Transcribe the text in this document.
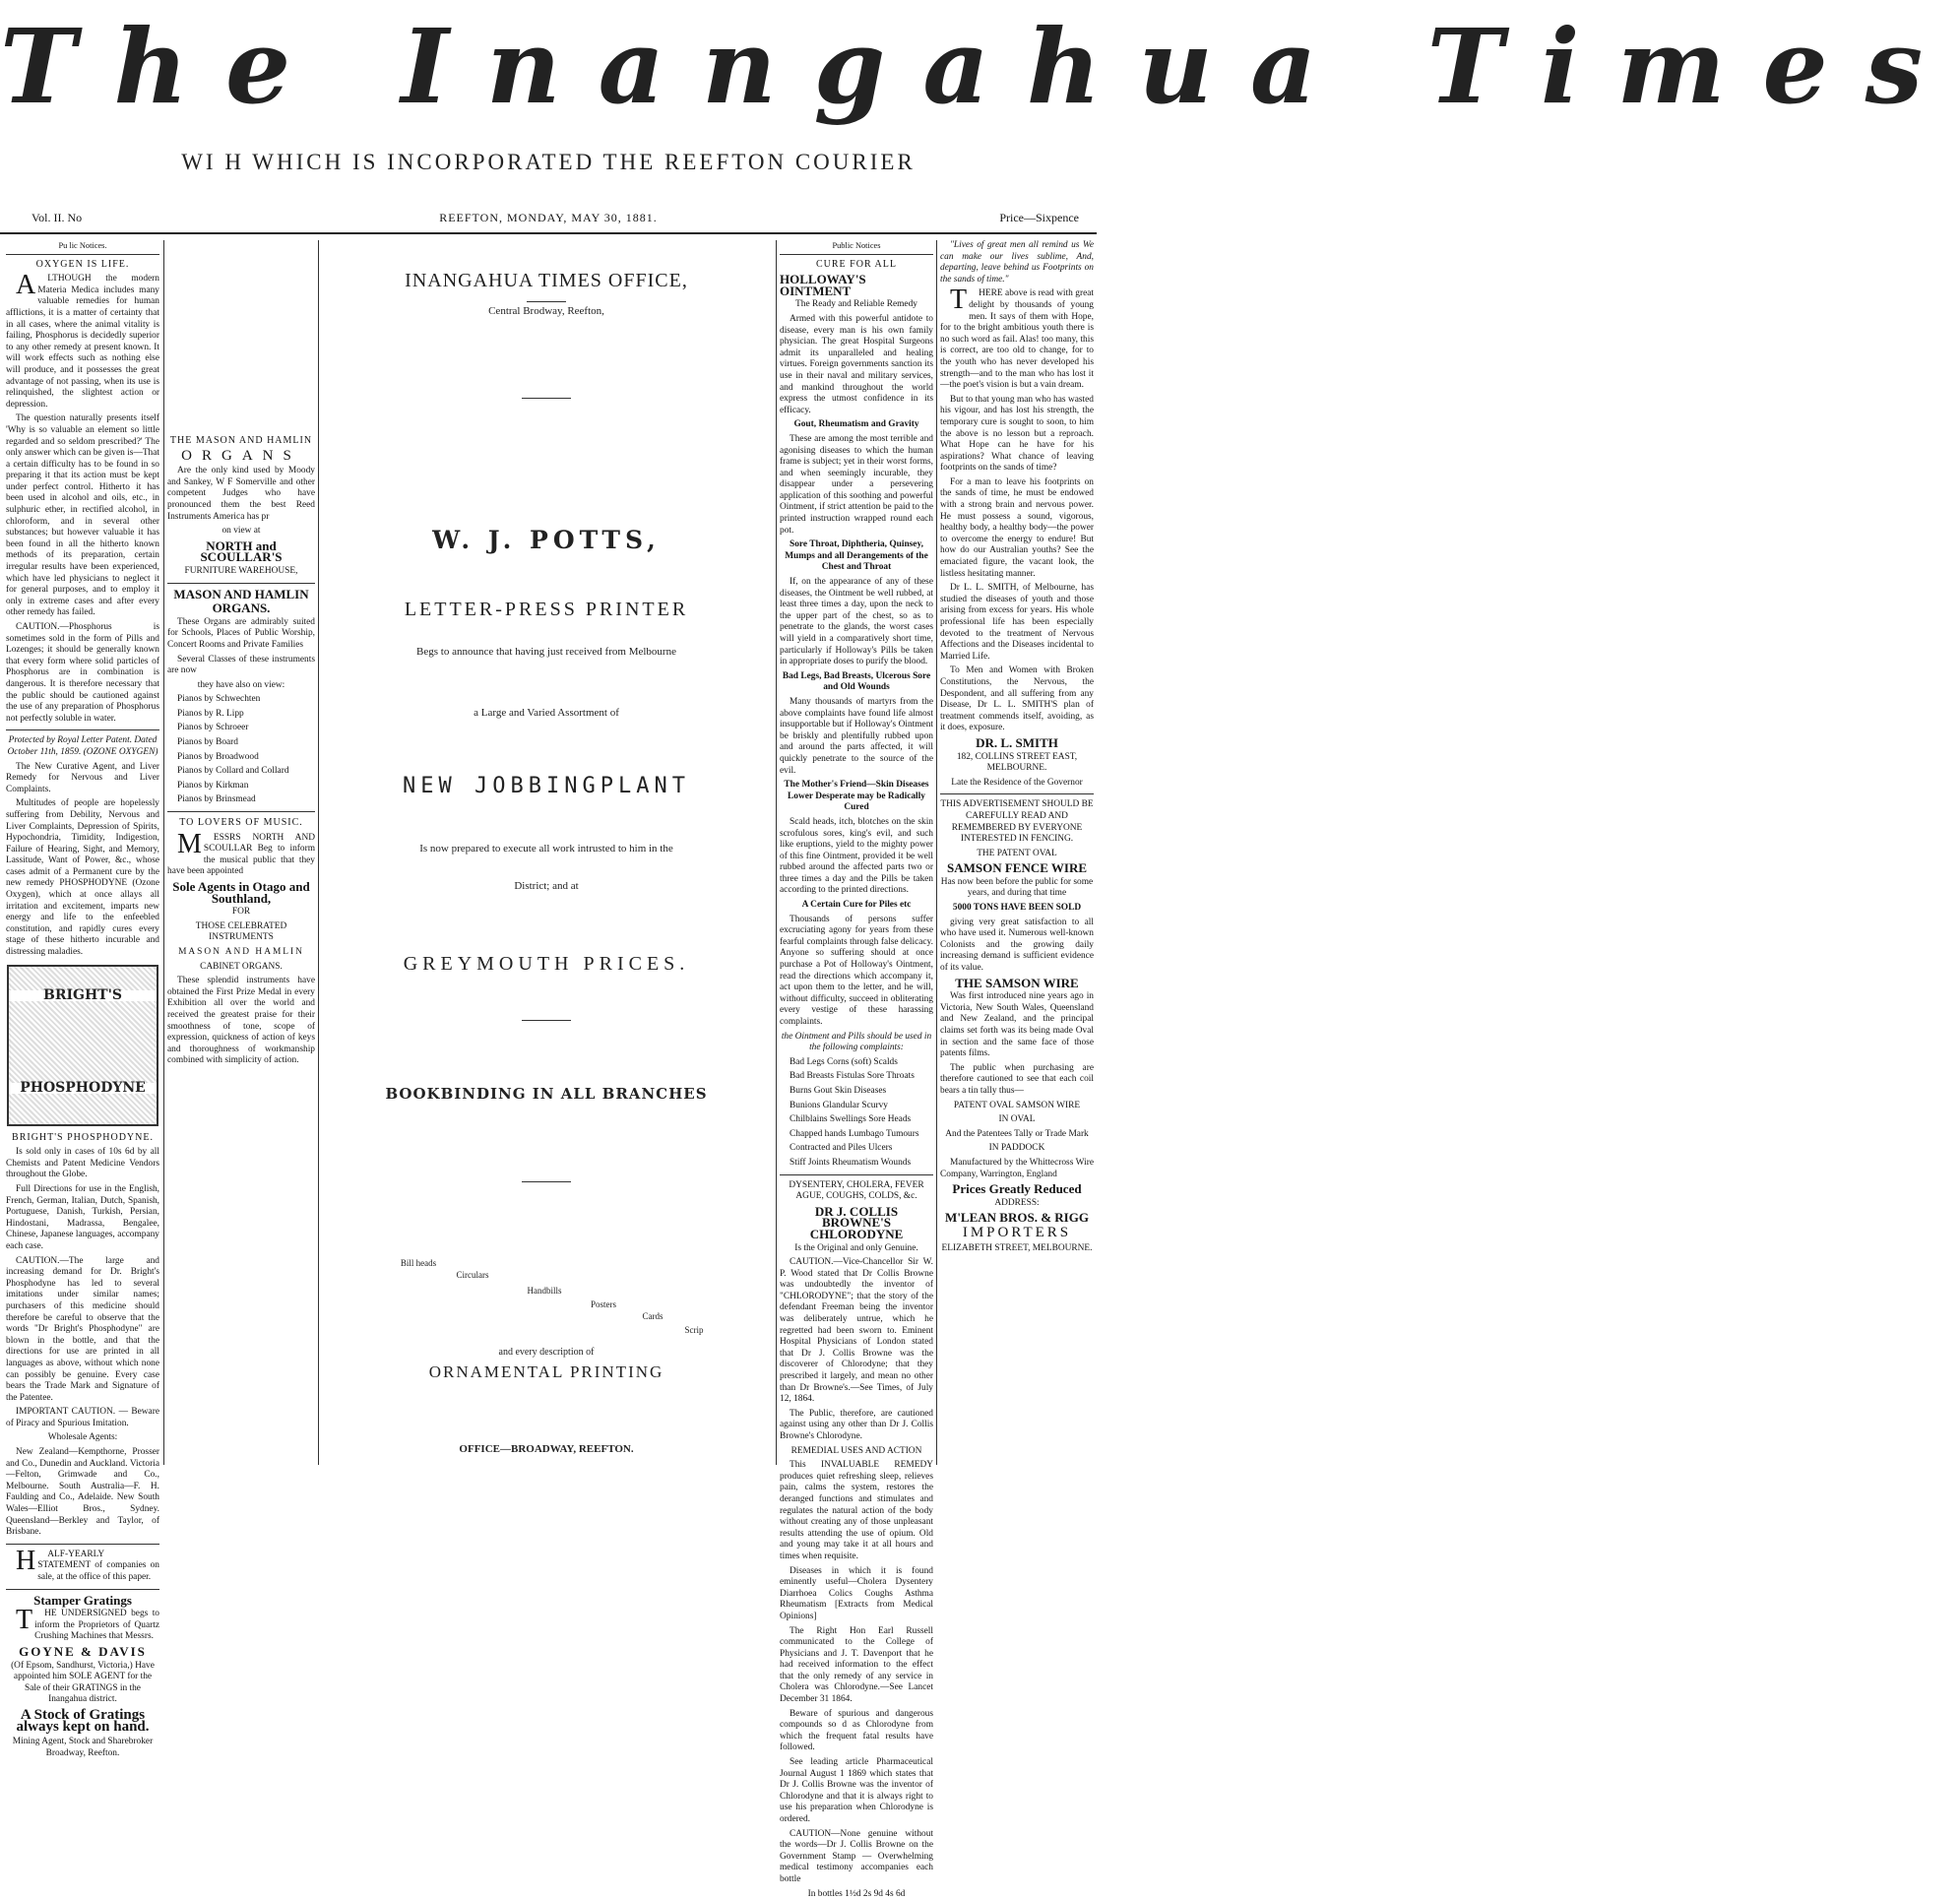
The Inangahua Times
WI H WHICH IS INCORPORATED THE REEFTON COURIER
Vol. II. No	REEFTON, MONDAY, MAY 30, 1881.	Price—Sixpence
Pu lic Notices.
OXYGEN IS LIFE.

ALTHOUGH the modern Materia Medica includes many valuable remedies for human afflictions, it is a matter of certainty that in all cases, where the animal vitality is failing, Phosphorus is decidedly superior to any other remedy at present known. It will work effects such as nothing else will produce, and it possesses the great advantage of not passing, when its use is relinquished, the slightest action or depression.

The question naturally presents itself 'Why is so valuable an element so little regarded and so seldom prescribed?' The only answer which can be given is—That a certain difficulty has to be found in so preparing it that its action must be kept under perfect control. Hitherto it has been used in alcohol and oils, etc., in sulphuric ether, in rectified alcohol, in chloroform, and in several other substances; but however valuable it has been found in all the hitherto known methods of its preparation, certain irregular results have been experienced, which have led physicians to neglect it for general purposes, and to employ it only in extreme cases and after every other remedy has failed.

CAUTION.—Phosphorus is sometimes sold in the form of Pills and Lozenges; it should be generally known that every form where solid particles of Phosphorus are in combination is dangerous. It is therefore necessary that the public should be cautioned against the use of any preparation of Phosphorus not perfectly soluble in water.

Protected by Royal Letter Patent. Dated October 11th, 1859. (OZONE OXYGEN)

The New Curative Agent, and Liver Remedy for Nervous and Liver Complaints.

Multitudes of people are hopelessly suffering from Debility, Nervous and Liver Complaints, Depression of Spirits, Hypochondria, Timidity, Indigestion, Failure of Hearing, Sight, and Memory, Lassitude, Want of Power, &c., whose cases admit of a Permanent cure by the new remedy PHOSPHODYNE (Ozone Oxygen), which at once allays all irritation and excitement, imparts new energy and life to the enfeebled constitution, and rapidly cures every stage of these hitherto incurable and distressing maladies.

BRIGHT'S
PHOSPHODYNE
BRIGHT'S PHOSPHODYNE.

Is sold only in cases of 10s 6d by all Chemists and Patent Medicine Vendors throughout the Globe.

Full Directions for use in the English, French, German, Italian, Dutch, Spanish, Portuguese, Danish, Turkish, Persian, Hindostani, Madrassa, Bengalee, Chinese, Japanese languages, accompany each case.

CAUTION.—The large and increasing demand for Dr. Bright's Phosphodyne has led to several imitations under similar names; purchasers of this medicine should therefore be careful to observe that the words "Dr Bright's Phosphodyne" are blown in the bottle, and that the directions for use are printed in all languages as above, without which none can possibly be genuine. Every case bears the Trade Mark and Signature of the Patentee.

IMPORTANT CAUTION. — Beware of Piracy and Spurious Imitation.

Wholesale Agents:

New Zealand—Kempthorne, Prosser and Co., Dunedin and Auckland. Victoria—Felton, Grimwade and Co., Melbourne. South Australia—F. H. Faulding and Co., Adelaide. New South Wales—Elliot Bros., Sydney. Queensland—Berkley and Taylor, of Brisbane.

HALF-YEARLY STATEMENT of companies on sale, at the office of this paper.

Stamper Gratings

THE UNDERSIGNED begs to inform the Proprietors of Quartz Crushing Machines that Messrs.

GOYNE & DAVIS

(Of Epsom, Sandhurst, Victoria,) Have appointed him SOLE AGENT for the Sale of their GRATINGS in the Inangahua district.

A Stock of Gratings always kept on hand.

Mining Agent, Stock and Sharebroker Broadway, Reefton.

THE MASON AND HAMLIN
ORGANS

Are the only kind used by Moody and Sankey, W F Somerville and other competent Judges who have pronounced them the best Reed Instruments America has pr

on view at

NORTH and SCOULLAR'S

FURNITURE WAREHOUSE,

MASON AND HAMLIN
ORGANS.

These Organs are admirably suited for Schools, Places of Public Worship, Concert Rooms and Private Families

Several Classes of these instruments are now

they have also on view:

Pianos by Schwechten

Pianos by R. Lipp

Pianos by Schroeer

Pianos by Board

Pianos by Broadwood

Pianos by Collard and Collard

Pianos by Kirkman

Pianos by Brinsmead

TO LOVERS OF MUSIC.

MESSRS NORTH AND SCOULLAR Beg to inform the musical public that they have been appointed

Sole Agents in Otago and Southland,

FOR

THOSE CELEBRATED INSTRUMENTS

MASON AND HAMLIN

CABINET ORGANS.

These splendid instruments have obtained the First Prize Medal in every Exhibition all over the world and received the greatest praise for their smoothness of tone, scope of expression, quickness of action of keys and thoroughness of workmanship combined with simplicity of action.

INANGAHUA TIMES OFFICE,
Central Brodway, Reefton,
W. J. POTTS,
LETTER-PRESS PRINTER
Begs to announce that having just received from Melbourne
a Large and Varied Assortment of
NEW JOBBINGPLANT
Is now prepared to execute all work intrusted to him in the
District; and at
GREYMOUTH PRICES.
BOOKBINDING IN ALL BRANCHES
Bill heads
Circulars
Handbills
Posters
Cards
Scrip
and every description of
ORNAMENTAL PRINTING
OFFICE—BROADWAY, REEFTON.
Public Notices
CURE FOR ALL
HOLLOWAY'S OINTMENT

The Ready and Reliable Remedy

Armed with this powerful antidote to disease, every man is his own family physician. The great Hospital Surgeons admit its unparalleled and healing virtues. Foreign governments sanction its use in their naval and military services, and mankind throughout the world express the utmost confidence in its efficacy.

Gout, Rheumatism and Gravity

These are among the most terrible and agonising diseases to which the human frame is subject; yet in their worst forms, and when seemingly incurable, they disappear under a persevering application of this soothing and powerful Ointment, if strict attention be paid to the printed instruction wrapped round each pot.

Sore Throat, Diphtheria, Quinsey, Mumps and all Derangements of the Chest and Throat

If, on the appearance of any of these diseases, the Ointment be well rubbed, at least three times a day, upon the neck to the upper part of the chest, so as to penetrate to the glands, the worst cases will yield in a comparatively short time, particularly if Holloway's Pills be taken in appropriate doses to purify the blood.

Bad Legs, Bad Breasts, Ulcerous Sore and Old Wounds

Many thousands of martyrs from the above complaints have found life almost insupportable but if Holloway's Ointment be briskly and plentifully rubbed upon and around the parts affected, it will quickly penetrate to the source of the evil.

The Mother's Friend—Skin Diseases Lower Desperate may be Radically Cured

Scald heads, itch, blotches on the skin scrofulous sores, king's evil, and such like eruptions, yield to the mighty power of this fine Ointment, provided it be well rubbed around the affected parts two or three times a day and the Pills be taken according to the printed directions.

A Certain Cure for Piles etc

Thousands of persons suffer excruciating agony for years from these fearful complaints through false delicacy. Anyone so suffering should at once purchase a Pot of Holloway's Ointment, read the directions which accompany it, act upon them to the letter, and he will, without difficulty, succeed in obliterating every vestige of these harassing complaints.

the Ointment and Pills should be used in the following complaints:

Bad Legs Corns (soft) Scalds

Bad Breasts Fistulas Sore Throats

Burns Gout Skin Diseases

Bunions Glandular Scurvy

Chilblains Swellings Sore Heads

Chapped hands Lumbago Tumours

Contracted and Piles Ulcers

Stiff Joints Rheumatism Wounds

DYSENTERY, CHOLERA, FEVER AGUE, COUGHS, COLDS, &c.

DR J. COLLIS BROWNE'S CHLORODYNE

Is the Original and only Genuine.

CAUTION.—Vice-Chancellor Sir W. P. Wood stated that Dr Collis Browne was undoubtedly the inventor of "CHLORODYNE"; that the story of the defendant Freeman being the inventor was deliberately untrue, which he regretted had been sworn to. Eminent Hospital Physicians of London stated that Dr J. Collis Browne was the discoverer of Chlorodyne; that they prescribed it largely, and mean no other than Dr Browne's.—See Times, of July 12, 1864.

The Public, therefore, are cautioned against using any other than Dr J. Collis Browne's Chlorodyne.

REMEDIAL USES AND ACTION

This INVALUABLE REMEDY produces quiet refreshing sleep, relieves pain, calms the system, restores the deranged functions and stimulates and regulates the natural action of the body without creating any of those unpleasant results attending the use of opium. Old and young may take it at all hours and times when requisite.

Diseases in which it is found eminently useful—Cholera Dysentery Diarrhoea Colics Coughs Asthma Rheumatism [Extracts from Medical Opinions]

The Right Hon Earl Russell communicated to the College of Physicians and J. T. Davenport that he had received information to the effect that the only remedy of any service in Cholera was Chlorodyne.—See Lancet December 31 1864.

Beware of spurious and dangerous compounds so d as Chlorodyne from which the frequent fatal results have followed.

See leading article Pharmaceutical Journal August 1 1869 which states that Dr J. Collis Browne was the inventor of Chlorodyne and that it is always right to use his preparation when Chlorodyne is ordered.

CAUTION—None genuine without the words—Dr J. Collis Browne on the Government Stamp — Overwhelming medical testimony accompanies each bottle

In bottles 1½d 2s 9d 4s 6d

"Lives of great men all remind us We can make our lives sublime, And, departing, leave behind us Footprints on the sands of time."

THERE above is read with great delight by thousands of young men. It says of them with Hope, for to the bright ambitious youth there is no such word as fail. Alas! too many, this is correct, are too old to change, for to the youth who has never developed his strength—and to the man who has lost it—the poet's vision is but a vain dream.

But to that young man who has wasted his vigour, and has lost his strength, the temporary cure is sought to soon, to him the above is no lesson but a reproach. What Hope can he have for his aspirations? What chance of leaving footprints on the sands of time?

For a man to leave his footprints on the sands of time, he must be endowed with a strong brain and nervous power. He must possess a sound, vigorous, healthy body, a healthy body—the power to overcome the energy to endure! But how do our Australian youths? See the emaciated figure, the vacant look, the listless hesitating manner.

Dr L. L. SMITH, of Melbourne, has studied the diseases of youth and those arising from excess for years. His whole professional life has been especially devoted to the treatment of Nervous Affections and the Diseases incidental to Married Life.

To Men and Women with Broken Constitutions, the Nervous, the Despondent, and all suffering from any Disease, Dr L. L. SMITH'S plan of treatment commends itself, avoiding, as it does, exposure.

DR. L. SMITH

182, COLLINS STREET EAST, MELBOURNE.

Late the Residence of the Governor

THIS ADVERTISEMENT SHOULD BE CAREFULLY READ AND REMEMBERED BY EVERYONE INTERESTED IN FENCING.

THE PATENT OVAL

SAMSON FENCE WIRE

Has now been before the public for some years, and during that time

5000 TONS HAVE BEEN SOLD

giving very great satisfaction to all who have used it. Numerous well-known Colonists and the growing daily increasing demand is sufficient evidence of its value.

THE SAMSON WIRE

Was first introduced nine years ago in Victoria, New South Wales, Queensland and New Zealand, and the principal claims set forth was its being made Oval in section and the same face of those patents films.

The public when purchasing are therefore cautioned to see that each coil bears a tin tally thus—

PATENT OVAL SAMSON WIRE

IN OVAL

And the Patentees Tally or Trade Mark

IN PADDOCK

Manufactured by the Whittecross Wire Company, Warrington, England

Prices Greatly Reduced

ADDRESS:

M'LEAN BROS. & RIGG
IMPORTERS

ELIZABETH STREET, MELBOURNE.
